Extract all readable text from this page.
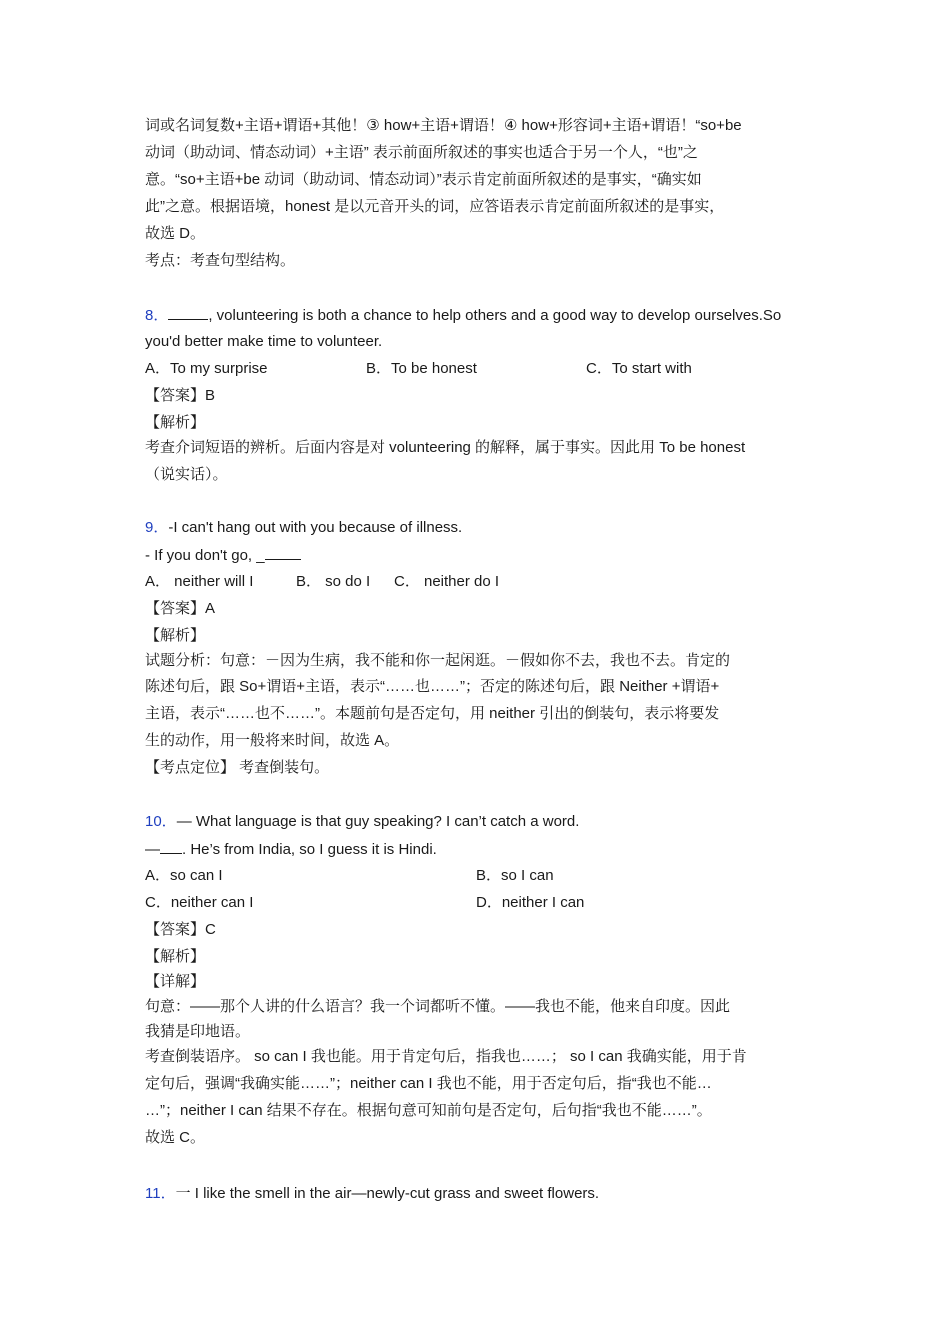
词或名词复数+主语+谓语+其他！③ how+主语+谓语！④ how+形容词+主语+谓语！“so+be

动词（助动词、情态动词）+主语” 表示前面所叙述的事实也适合于另一个人，“也”之

意。“so+主语+be 动词（助动词、情态动词）”表示肯定前面所叙述的是事实，“确实如

此”之意。根据语境，honest 是以元音开头的词，应答语表示肯定前面所叙述的是事实，

故选 D。

考点：考查句型结构。

8．	, volunteering is both a chance to help others and a good way to develop ourselves.So

you'd better make time to volunteer.

A．To my surprise	B．To be honest	C．To start with

【答案】B

【解析】

考查介词短语的辨析。后面内容是对 volunteering 的解释，属于事实。因此用 To be honest

（说实话）。

9．-I can't hang out with you because of illness.

- If you don't go, _

A． neither will I	B． so do I C． neither do I

【答案】A

【解析】

试题分析：句意：－因为生病，我不能和你一起闲逛。－假如你不去，我也不去。肯定的

陈述句后，跟 So+谓语+主语，表示“……也……”；否定的陈述句后，跟 Neither +谓语+

主语，表示“……也不……”。本题前句是否定句，用 neither 引出的倒装句，表示将要发

生的动作，用一般将来时间，故选 A。

【考点定位】 考查倒装句。

10．— What language is that guy speaking? I can’t catch a word.

— . He’s from India, so I guess it is Hindi.

A．so can I	B．so I can
C．neither can I	D．neither I can

【答案】C

【解析】

【详解】

句意：——那个人讲的什么语言？我一个词都听不懂。——我也不能，他来自印度。因此

我猜是印地语。

考查倒装语序。 so can I 我也能。用于肯定句后，指我也……； so I can 我确实能，用于肯

定句后，强调“我确实能……”；neither can I 我也不能，用于否定句后，指“我也不能…

…”；neither I can 结果不存在。根据句意可知前句是否定句，后句指“我也不能……”。

故选 C。

11．一 I like the smell in the air—newly-cut grass and sweet flowers.
